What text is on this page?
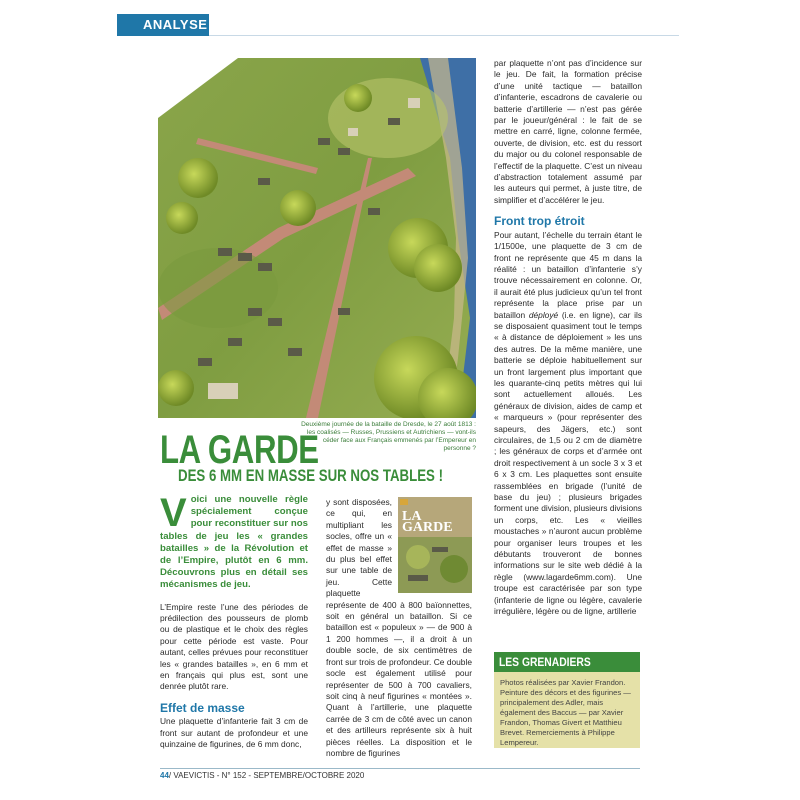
ANALYSE
Deuxième journée de la bataille de Dresde, le 27 août 1813 : les coalisés — Russes, Prussiens et Autrichiens — vont-ils céder face aux Français emmenés par l’Empereur en personne ?
LA GARDE
DES 6 MM EN MASSE SUR NOS TABLES !

Voici une nouvelle règle spécialement conçue pour reconstituer sur nos tables de jeu les « grandes batailles » de la Révolution et de l’Empire, plutôt en 6 mm. Découvrons plus en détail ses mécanismes de jeu.

L’Empire reste l’une des périodes de prédilection des pousseurs de plomb ou de plastique et le choix des règles pour cette période est vaste. Pour autant, celles prévues pour reconstituer les « grandes batailles », en 6 mm et en français qui plus est, sont une denrée plutôt rare.

Effet de masse

Une plaquette d’infanterie fait 3 cm de front sur autant de profondeur et une quinzaine de figurines, de 6 mm donc,

LA GARDE

y sont disposées, ce qui, en multipliant les socles, offre un « effet de masse » du plus bel effet sur une table de jeu. Cette plaquette représente de 400 à 800 baïonnettes, soit en général un bataillon. Si ce bataillon est « populeux » — de 900 à 1 200 hommes —, il a droit à un double socle, de six centimètres de front sur trois de profondeur. Ce double socle est également utilisé pour représenter de 500 à 700 cavaliers, soit cinq à neuf figurines « montées ». Quant à l’artillerie, une plaquette carrée de 3 cm de côté avec un canon et des artilleurs représente six à huit pièces réelles. La disposition et le nombre de figurines

par plaquette n’ont pas d’incidence sur le jeu. De fait, la formation précise d’une unité tactique — bataillon d’infanterie, escadrons de cavalerie ou batterie d’artillerie — n’est pas gérée par le joueur/général : le fait de se mettre en carré, ligne, colonne fermée, ouverte, de division, etc. est du ressort du major ou du colonel responsable de l’effectif de la plaquette. C’est un niveau d’abstraction totalement assumé par les auteurs qui permet, à juste titre, de simplifier et d’accélérer le jeu.

Front trop étroit

Pour autant, l’échelle du terrain étant le 1/1500e, une plaquette de 3 cm de front ne représente que 45 m dans la réalité : un bataillon d’infanterie s’y trouve nécessairement en colonne. Or, il aurait été plus judicieux qu’un tel front représente la place prise par un bataillon déployé (i.e. en ligne), car ils se disposaient quasiment tout le temps « à distance de déploiement » les uns des autres. De la même manière, une batterie se déploie habituellement sur un front largement plus important que les quarante-cinq petits mètres qui lui sont actuellement alloués. Les généraux de division, aides de camp et « marqueurs » (pour représenter des sapeurs, des Jägers, etc.) sont circulaires, de 1,5 ou 2 cm de diamètre ; les généraux de corps et d’armée ont droit respectivement à un socle 3 x 3 et 6 x 3 cm. Les plaquettes sont ensuite rassemblées en brigade (l’unité de base du jeu) ; plusieurs brigades forment une division, plusieurs divisions un corps, etc. Les « vieilles moustaches » n’auront aucun problème pour organiser leurs troupes et les débutants trouveront de bonnes informations sur le site web dédié à la règle (www.lagarde6mm.com). Une troupe est caractérisée par son type (infanterie de ligne ou légère, cavalerie irrégulière, légère ou de ligne, artillerie

LES GRENADIERS

Photos réalisées par Xavier Frandon. Peinture des décors et des figurines — principalement des Adler, mais également des Baccus — par Xavier Frandon, Thomas Givert et Matthieu Brevet. Remerciements à Philippe Lempereur.

44/ VAEVICTIS - N° 152 - SEPTEMBRE/OCTOBRE 2020
